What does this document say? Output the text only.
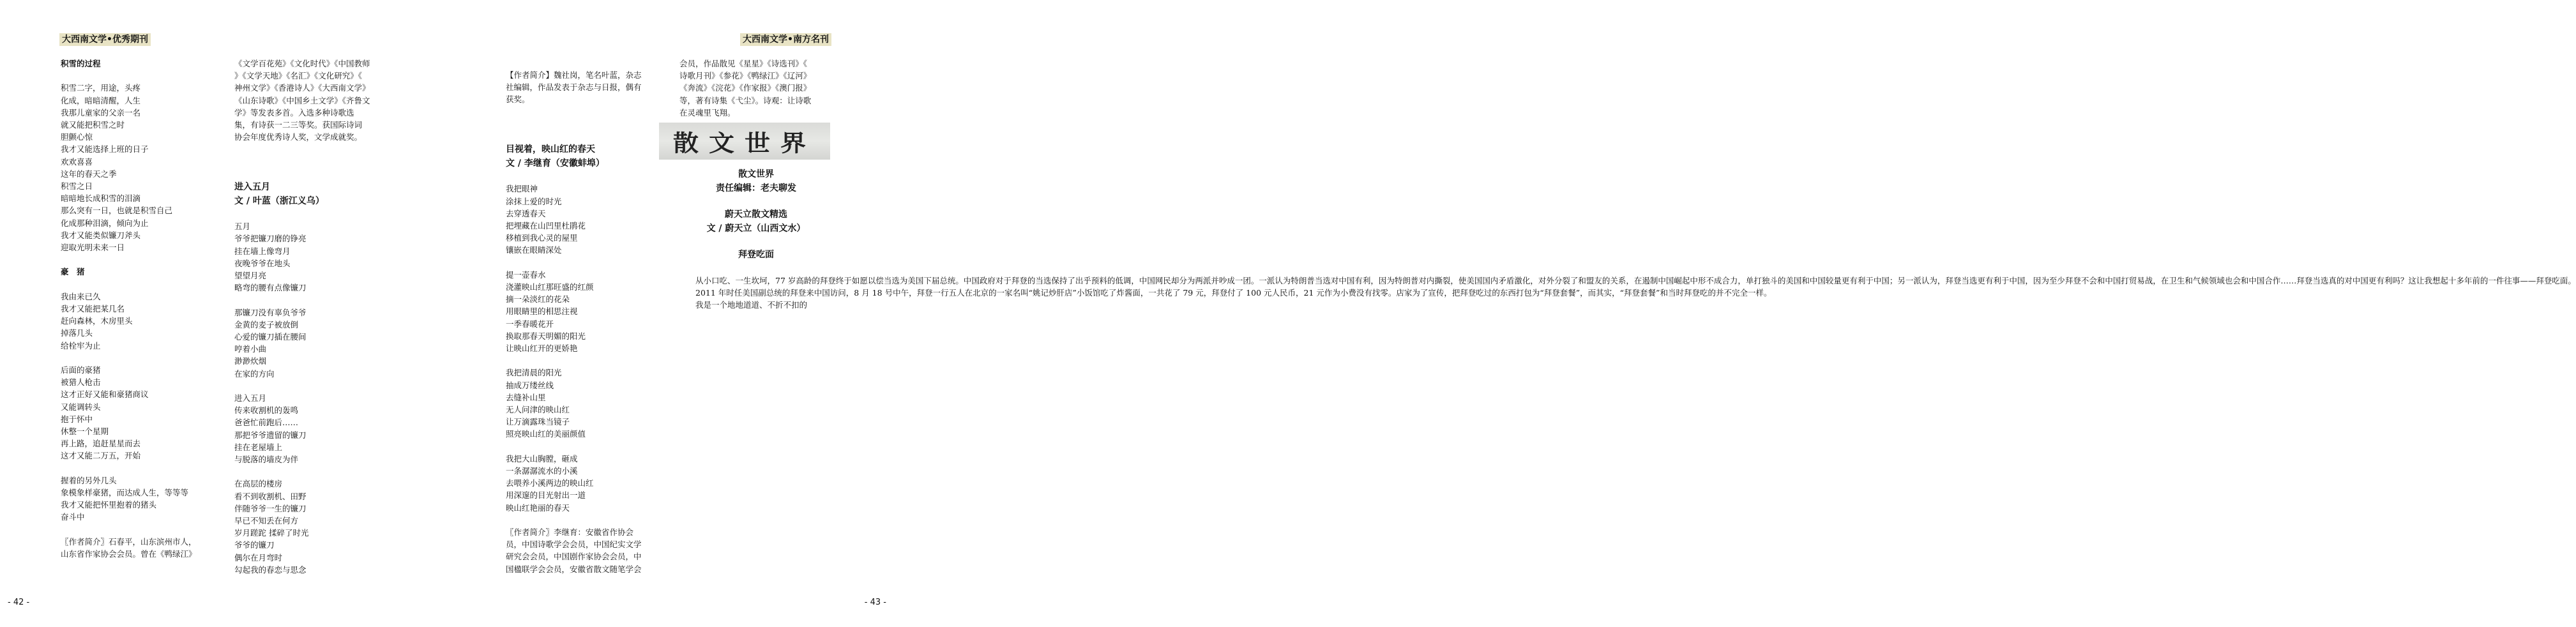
大西南文学•优秀期刊	大西南文学•南方名刊
积雪的过程
积雪二字，用途，头疼
化成，暗暗清醒，人生
我那儿童家的父亲一名
就又能把积雪之时
胆颤心惊
我才又能选择上班的日子
欢欢喜喜
这年的春天之季
积雪之日
暗暗地长成积雪的泪滴
那么突有一日，也就是积雪自己
化成那种泪滴，倾向为止
我才又能类似镰刀斧头
迎取光明未来一日
豪　猪
我由来已久
我才又能把某几名
赶向森林，木房里头
掉落几头
给栓牢为止
后面的豪猪
被猎人枪击
这才正好又能和豪猪商议
又能调转头
抱于怀中
休整一个星期
再上路，追赶星星而去
这才又能二万五，开始
握着的另外几头
象模象样豪猪，而达成人生，等等等
我才又能把怀里抱着的猪头
奋斗中
〖作者简介〗石春平，山东滨州市人，
山东省作家协会会员。曾在《鸭绿江》
《文学百花苑》《文化时代》《中国教师
》《文学天地》《名汇》《文化研究》《
神州文学》《香港诗人》《大西南文学》
《山东诗歌》《中国乡土文学》《齐鲁文
学》等发表多首。入选多种诗歌选
集，有诗获一二三等奖。获国际诗词
协会年度优秀诗人奖，文学成就奖。
进入五月
文 / 叶蓝（浙江义乌）
五月
爷爷把镰刀磨的铮亮
挂在墙上像弯月
夜晚爷爷在地头
望望月亮
略弯的腰有点像镰刀
那镰刀没有辜负爷爷
金黄的麦子被放倒
心爱的镰刀插在腰间
哼着小曲
渺渺炊烟
在家的方向
进入五月
传来收割机的轰鸣
爸爸忙前跑后……
那把爷爷遗留的镰刀
挂在老屋墙上
与脱落的墙皮为伴
在高层的楼房
看不到收割机、田野
伴随爷爷一生的镰刀
早已不知丢在何方
岁月蹉跎 揉碎了时光
爷爷的镰刀
偶尔在月弯时
勾起我的春恋与思念
【作者简介】魏社岗，笔名叶蓝，杂志
社编辑，作品发表于杂志与日报，偶有
获奖。
目视着，映山红的春天
文 / 李继育（安徽蚌埠）
我把眼神
涂抹上爱的时光
去穿透春天
把埋藏在山凹里杜鹃花
移植到我心灵的屋里
镶嵌在眼睛深处
提一壶春水
浇灌映山红那旺盛的红颜
摘一朵淡红的花朵
用眼睛里的相思注视
一季春暖花开
换取那春天明媚的阳光
让映山红开的更娇艳
我把清晨的阳光
抽成万缕丝线
去缝补山里
无人问津的映山红
让万滴露珠当镜子
照亮映山红的美丽颜值
我把大山胸膛，砸成
一条潺潺流水的小溪
去喂养小溪两边的映山红
用深邃的目光射出一道
映山红艳丽的春天
〖作者简介〗李继育：安徽省作协会
员，中国诗歌学会会员，中国纪实文学
研究会会员，中国剧作家协会会员，中
国楹联学会会员，安徽省散文随笔学会
会员，作品散见《星星》《诗选刊》《
诗歌月刊》《参花》《鸭绿江》《辽河》
《奔流》《浣花》《作家报》《澳门报》
等，著有诗集《弋尘》。诗观：让诗歌
在灵魂里飞翔。
散文世界
散文世界
责任编辑：老夫聊发
蔚天立散文精选
文 / 蔚天立（山西文水）
拜登吃面
从小口吃、一生坎坷，77 岁高龄的拜登终于如愿以偿当选为美国下届总统。中国政府对于拜登的当选保持了出乎预料的低调，中国网民却分为两派并吵成一团。一派认为特朗普当选对中国有利，因为特朗普对内撕裂，使美国国内矛盾激化，对外分裂了和盟友的关系，在遏制中国崛起中形不成合力，单打独斗的美国和中国较量更有利于中国；另一派认为，拜登当选更有利于中国，因为至少拜登不会和中国打贸易战，在卫生和气候领域也会和中国合作……拜登当选真的对中国更有利吗？这让我想起十多年前的一件往事——拜登吃面。
2011 年时任美国副总统的拜登来中国访问，8 月 18 号中午，拜登一行五人在北京的一家名叫“姚记炒肝店”小饭馆吃了炸酱面，一共花了 79 元，拜登付了 100 元人民币，21 元作为小费没有找零。店家为了宣传，把拜登吃过的东西打包为“拜登套餐”，而其实，“拜登套餐”和当时拜登吃的并不完全一样。
我是一个地地道道、不折不扣的
- 42 -	- 43 -
